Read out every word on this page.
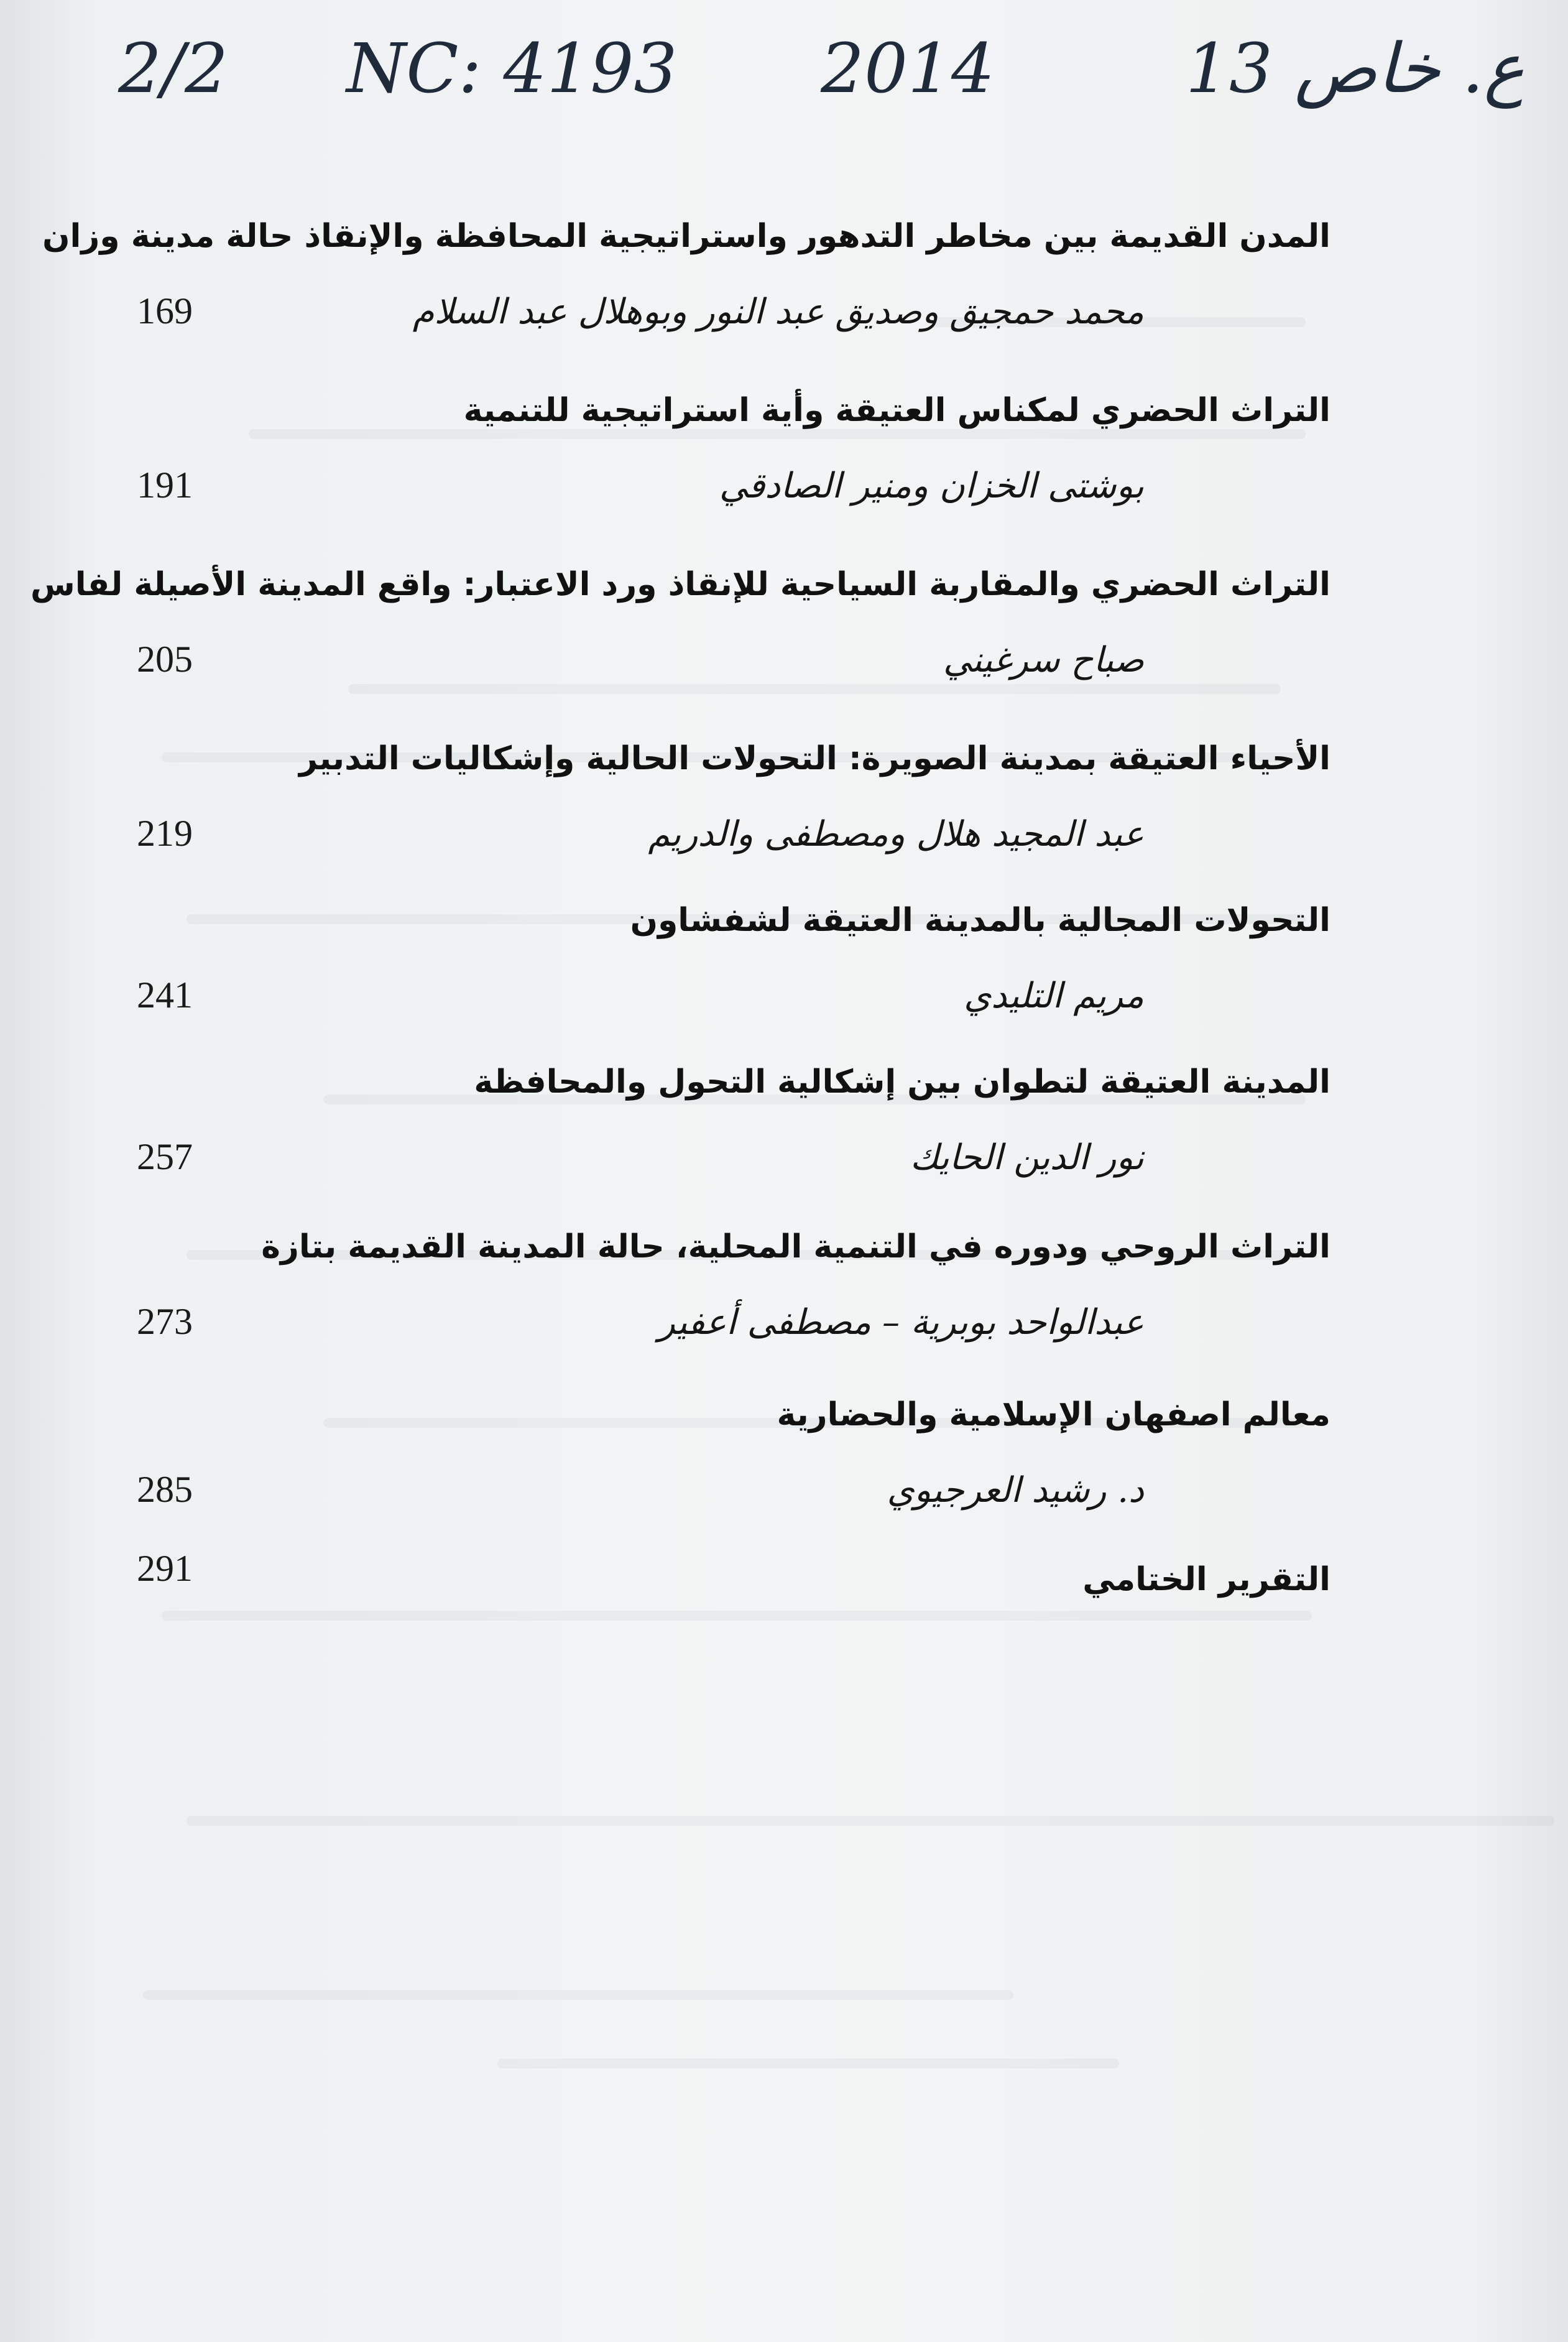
2/2 NC: 4193 2014	ع. خاص 13
المدن القديمة بين مخاطر التدهور واستراتيجية المحافظة والإنقاذ حالة مدينة وزان
محمد حمجيق وصديق عبد النور وبوهلال عبد السلام
169
التراث الحضري لمكناس العتيقة وأية استراتيجية للتنمية
بوشتى الخزان ومنير الصادقي
191
التراث الحضري والمقاربة السياحية للإنقاذ ورد الاعتبار: واقع المدينة الأصيلة لفاس
صباح سرغيني
205
الأحياء العتيقة بمدينة الصويرة: التحولات الحالية وإشكاليات التدبير
عبد المجيد هلال ومصطفى والدريم
219
التحولات المجالية بالمدينة العتيقة لشفشاون
مريم التليدي
241
المدينة العتيقة لتطوان بين إشكالية التحول والمحافظة
نور الدين الحايك
257
التراث الروحي ودوره في التنمية المحلية، حالة المدينة القديمة بتازة
عبدالواحد بوبرية – مصطفى أعفير
273
معالم اصفهان الإسلامية والحضارية
د. رشيد العرجيوي
285
التقرير الختامي
291
